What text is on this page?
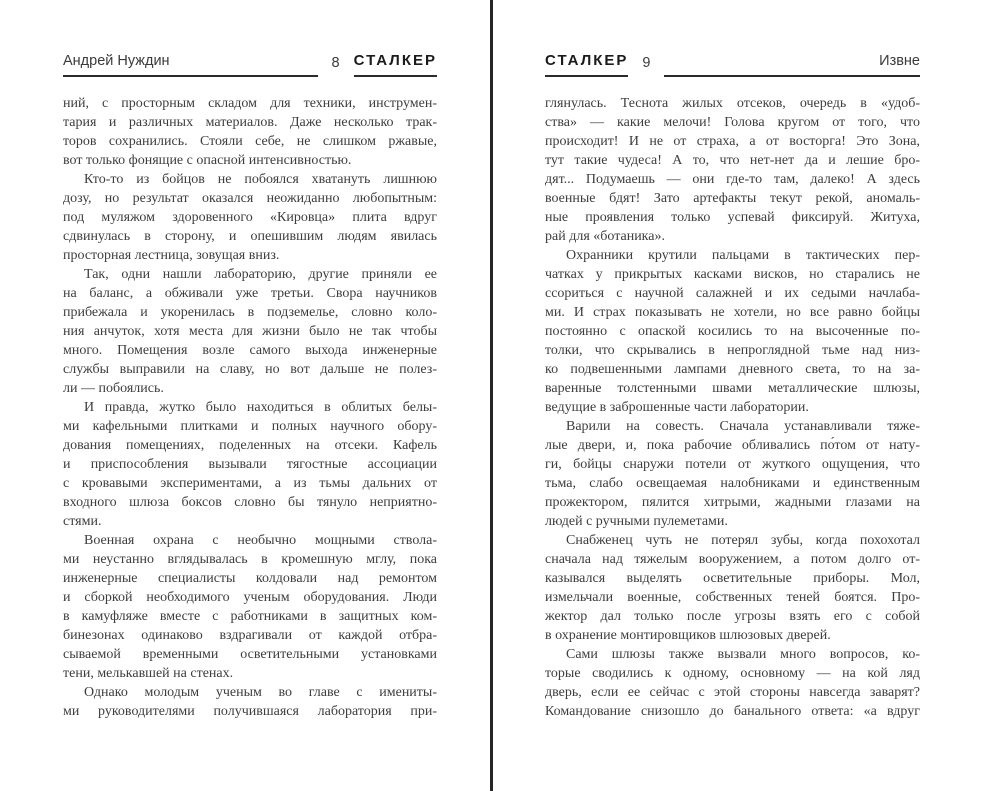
Андрей Нуждин	8 СТАЛКЕР
ний, с просторным складом для техники, инструмен-
тария и различных материалов. Даже несколько трак-
торов сохранились. Стояли себе, не слишком ржавые,
вот только фонящие с опасной интенсивностью.
Кто-то из бойцов не побоялся хватануть лишнюю
дозу, но результат оказался неожиданно любопытным:
под муляжом здоровенного «Кировца» плита вдруг
сдвинулась в сторону, и опешившим людям явилась
просторная лестница, зовущая вниз.
Так, одни нашли лабораторию, другие приняли ее
на баланс, а обживали уже третьи. Свора научников
прибежала и укоренилась в подземелье, словно коло-
ния анчуток, хотя места для жизни было не так чтобы
много. Помещения возле самого выхода инженерные
службы выправили на славу, но вот дальше не полез-
ли — побоялись.
И правда, жутко было находиться в облитых белы-
ми кафельными плитками и полных научного обору-
дования помещениях, поделенных на отсеки. Кафель
и приспособления вызывали тягостные ассоциации
с кровавыми экспериментами, а из тьмы дальних от
входного шлюза боксов словно бы тянуло неприятно-
стями.
Военная охрана с необычно мощными ствола-
ми неустанно вглядывалась в кромешную мглу, пока
инженерные специалисты колдовали над ремонтом
и сборкой необходимого ученым оборудования. Люди
в камуфляже вместе с работниками в защитных ком-
бинезонах одинаково вздрагивали от каждой отбра-
сываемой временными осветительными установками
тени, мелькавшей на стенах.
Однако молодым ученым во главе с имениты-
ми руководителями получившаяся лаборатория при-
СТАЛКЕР 9	Извне
глянулась. Теснота жилых отсеков, очередь в «удоб-
ства» — какие мелочи! Голова кругом от того, что
происходит! И не от страха, а от восторга! Это Зона,
тут такие чудеса! А то, что нет-нет да и лешие бро-
дят... Подумаешь — они где-то там, далеко! А здесь
военные бдят! Зато артефакты текут рекой, аномаль-
ные проявления только успевай фиксируй. Житуха,
рай для «ботаника».
Охранники крутили пальцами в тактических пер-
чатках у прикрытых касками висков, но старались не
ссориться с научной салажней и их седыми начлаба-
ми. И страх показывать не хотели, но все равно бойцы
постоянно с опаской косились то на высоченные по-
толки, что скрывались в непроглядной тьме над низ-
ко подвешенными лампами дневного света, то на за-
варенные толстенными швами металлические шлюзы,
ведущие в заброшенные части лаборатории.
Варили на совесть. Сначала устанавливали тяже-
лые двери, и, пока рабочие обливались по́том от нату-
ги, бойцы снаружи потели от жуткого ощущения, что
тьма, слабо освещаемая налобниками и единственным
прожектором, пялится хитрыми, жадными глазами на
людей с ручными пулеметами.
Снабженец чуть не потерял зубы, когда похохотал
сначала над тяжелым вооружением, а потом долго от-
казывался выделять осветительные приборы. Мол,
измельчали военные, собственных теней боятся. Про-
жектор дал только после угрозы взять его с собой
в охранение монтировщиков шлюзовых дверей.
Сами шлюзы также вызвали много вопросов, ко-
торые сводились к одному, основному — на кой ляд
дверь, если ее сейчас с этой стороны навсегда заварят?
Командование снизошло до банального ответа: «а вдруг
